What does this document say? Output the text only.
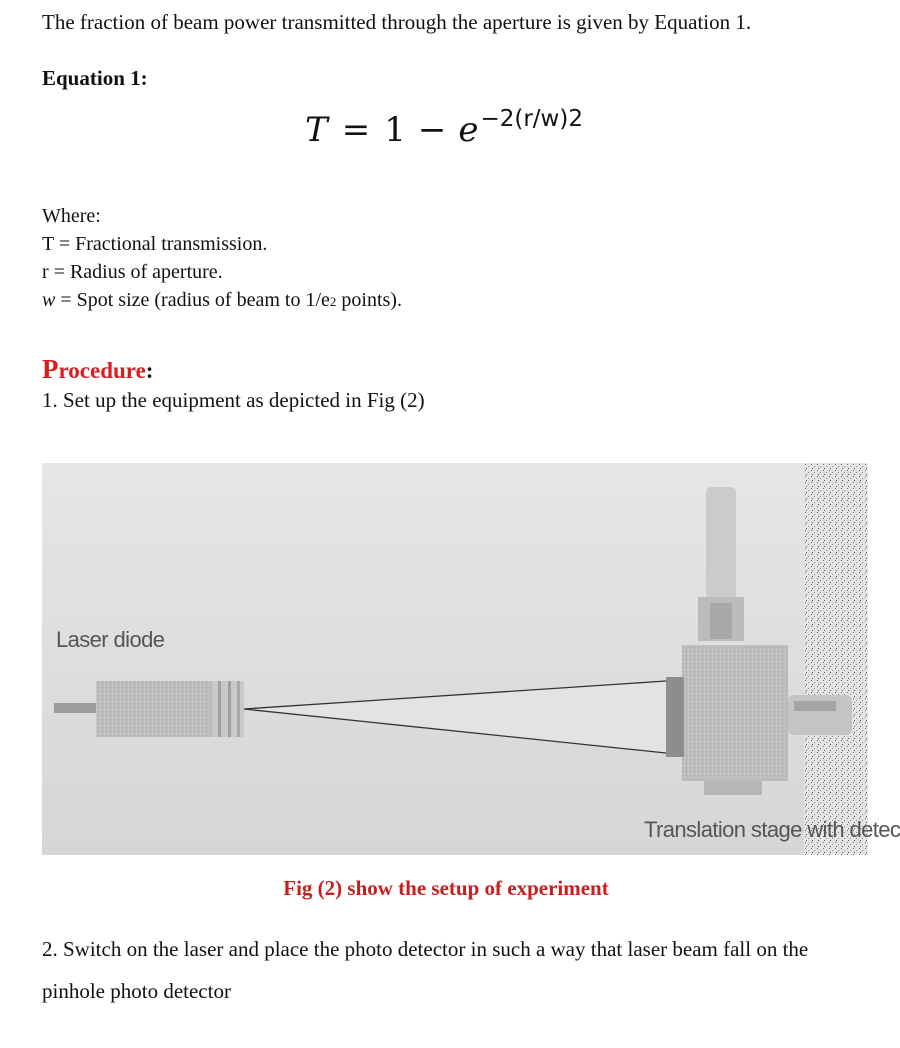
The fraction of beam power transmitted through the aperture is given by Equation 1.
Equation 1:
T = 1 − e −2(r/w)2
Where:
T = Fractional transmission.
r = Radius of aperture.
w = Spot size (radius of beam to 1/e2 points).
Procedure:
1. Set up the equipment as depicted in Fig (2)
Laser diode
Translation stage with detec
Fig (2) show the setup of experiment
2. Switch on the laser and place the photo detector in such a way that laser beam fall on the pinhole photo detector
